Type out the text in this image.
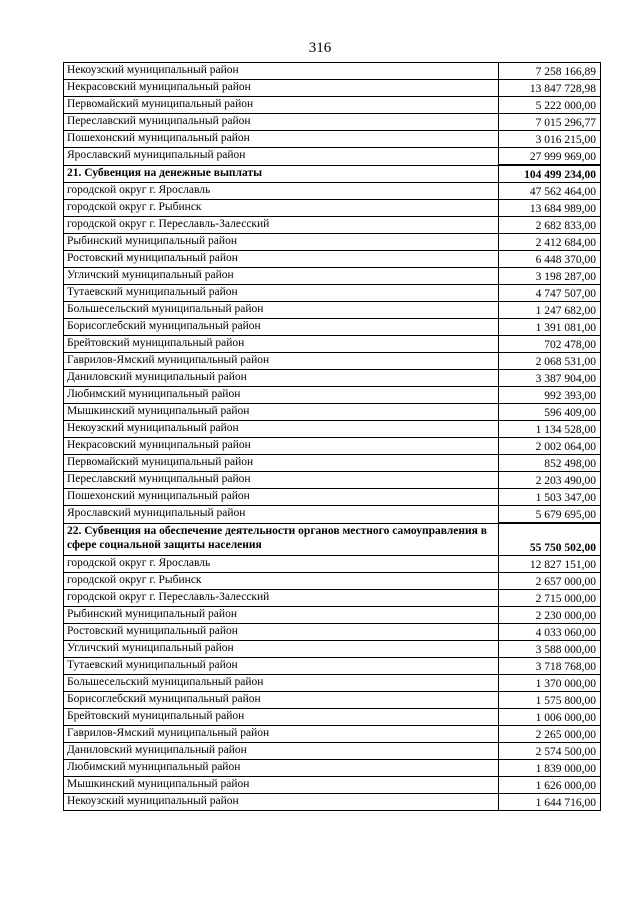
316
Некоузский муниципальный район	7 258 166,89
Некрасовский муниципальный район	13 847 728,98
Первомайский муниципальный район	5 222 000,00
Переславский муниципальный район	7 015 296,77
Пошехонский муниципальный район	3 016 215,00
Ярославский муниципальный район	27 999 969,00
21. Субвенция на денежные выплаты	104 499 234,00
городской округ г. Ярославль	47 562 464,00
городской округ г. Рыбинск	13 684 989,00
городской округ г. Переславль-Залесский	2 682 833,00
Рыбинский муниципальный район	2 412 684,00
Ростовский муниципальный район	6 448 370,00
Угличский муниципальный район	3 198 287,00
Тутаевский муниципальный район	4 747 507,00
Большесельский муниципальный район	1 247 682,00
Борисоглебский муниципальный район	1 391 081,00
Брейтовский муниципальный район	702 478,00
Гаврилов-Ямский муниципальный район	2 068 531,00
Даниловский муниципальный район	3 387 904,00
Любимский муниципальный район	992 393,00
Мышкинский муниципальный район	596 409,00
Некоузский муниципальный район	1 134 528,00
Некрасовский муниципальный район	2 002 064,00
Первомайский муниципальный район	852 498,00
Переславский муниципальный район	2 203 490,00
Пошехонский муниципальный район	1 503 347,00
Ярославский муниципальный район	5 679 695,00
22. Субвенция на обеспечение деятельности органов местного самоуправления в сфере социальной защиты населения	55 750 502,00
городской округ г. Ярославль	12 827 151,00
городской округ г. Рыбинск	2 657 000,00
городской округ г. Переславль-Залесский	2 715 000,00
Рыбинский муниципальный район	2 230 000,00
Ростовский муниципальный район	4 033 060,00
Угличский муниципальный район	3 588 000,00
Тутаевский муниципальный район	3 718 768,00
Большесельский муниципальный район	1 370 000,00
Борисоглебский муниципальный район	1 575 800,00
Брейтовский муниципальный район	1 006 000,00
Гаврилов-Ямский муниципальный район	2 265 000,00
Даниловский муниципальный район	2 574 500,00
Любимский муниципальный район	1 839 000,00
Мышкинский муниципальный район	1 626 000,00
Некоузский муниципальный район	1 644 716,00
